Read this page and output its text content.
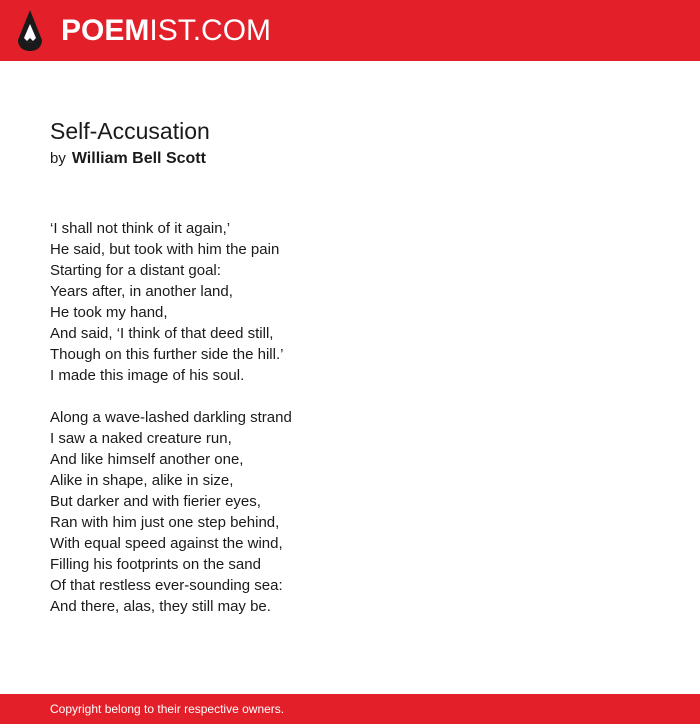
POEMIST.COM
Self-Accusation
by William Bell Scott
‘I shall not think of it again,’
He said, but took with him the pain
Starting for a distant goal:
Years after, in another land,
He took my hand,
And said, ‘I think of that deed still,
Though on this further side the hill.’
I made this image of his soul.
Along a wave-lashed darkling strand
I saw a naked creature run,
And like himself another one,
Alike in shape, alike in size,
But darker and with fierier eyes,
Ran with him just one step behind,
With equal speed against the wind,
Filling his footprints on the sand
Of that restless ever-sounding sea:
And there, alas, they still may be.
Copyright belong to their respective owners.
